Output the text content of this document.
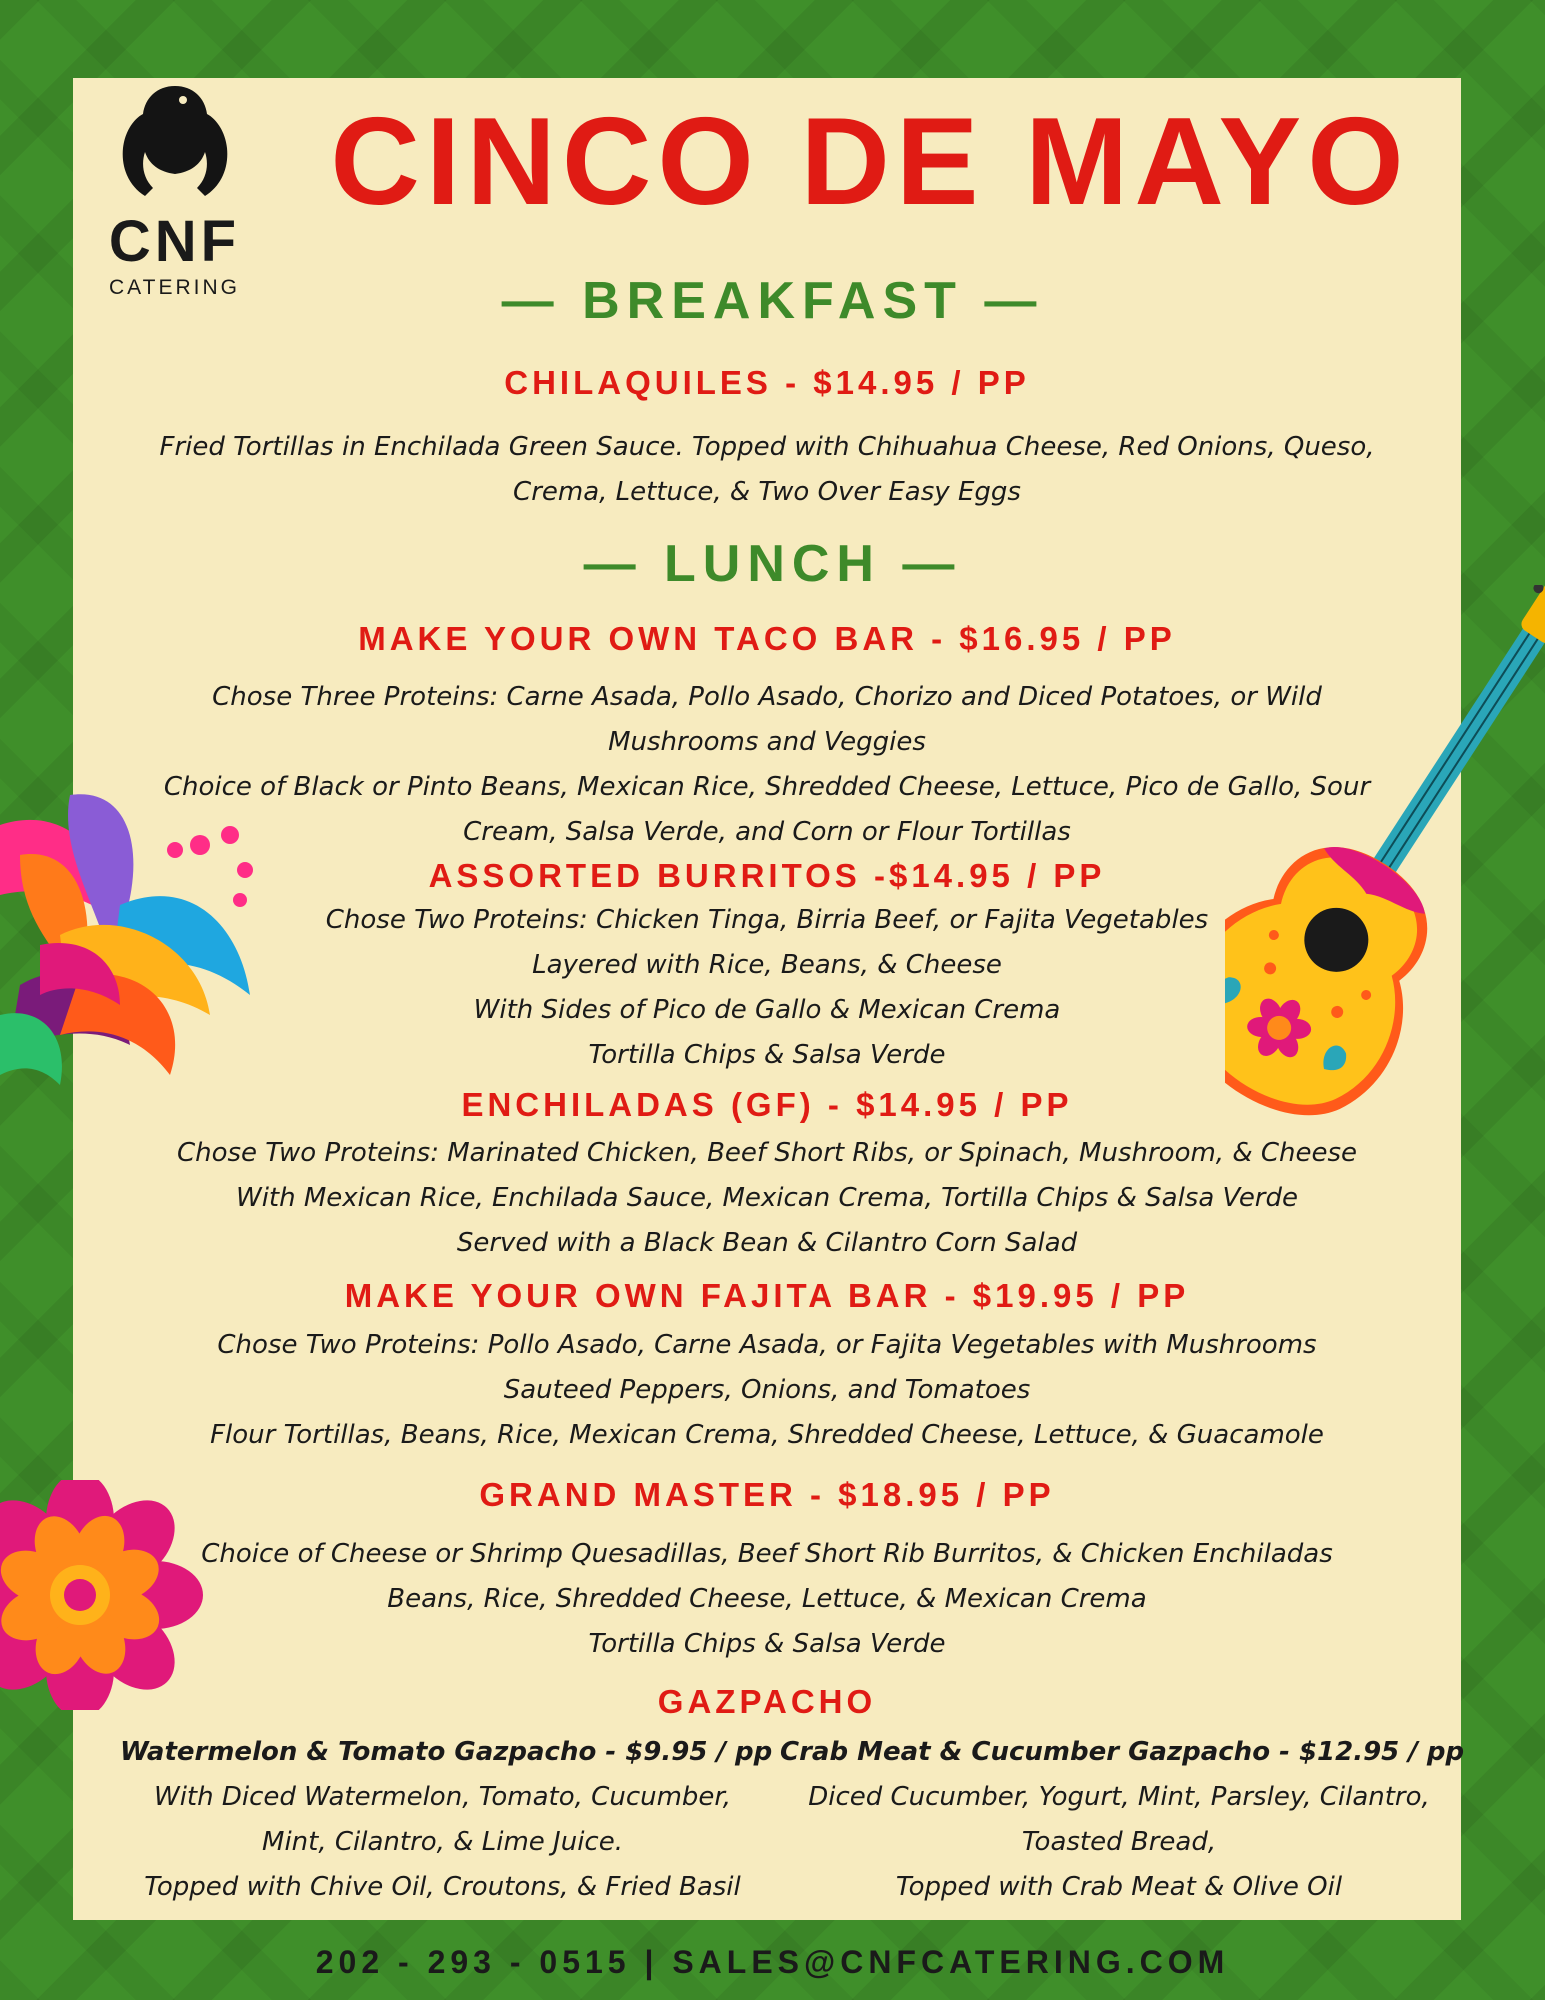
CNF
CATERING
CINCO DE MAYO
— BREAKFAST —
CHILAQUILES - $14.95 / PP
Fried Tortillas in Enchilada Green Sauce. Topped with Chihuahua Cheese, Red Onions, Queso,
Crema, Lettuce, & Two Over Easy Eggs
— LUNCH —
MAKE YOUR OWN TACO BAR - $16.95 / PP
Chose Three Proteins: Carne Asada, Pollo Asado, Chorizo and Diced Potatoes, or Wild
Mushrooms and Veggies
Choice of Black or Pinto Beans, Mexican Rice, Shredded Cheese, Lettuce, Pico de Gallo, Sour
Cream, Salsa Verde, and Corn or Flour Tortillas
ASSORTED BURRITOS -$14.95 / PP
Chose Two Proteins: Chicken Tinga, Birria Beef, or Fajita Vegetables
Layered with Rice, Beans, & Cheese
With Sides of Pico de Gallo & Mexican Crema
Tortilla Chips & Salsa Verde
ENCHILADAS (GF) - $14.95 / PP
Chose Two Proteins: Marinated Chicken, Beef Short Ribs, or Spinach, Mushroom, & Cheese
With Mexican Rice, Enchilada Sauce, Mexican Crema, Tortilla Chips & Salsa Verde
Served with a Black Bean & Cilantro Corn Salad
MAKE YOUR OWN FAJITA BAR - $19.95 / PP
Chose Two Proteins: Pollo Asado, Carne Asada, or Fajita Vegetables with Mushrooms
Sauteed Peppers, Onions, and Tomatoes
Flour Tortillas, Beans, Rice, Mexican Crema, Shredded Cheese, Lettuce, & Guacamole
GRAND MASTER - $18.95 / PP
Choice of Cheese or Shrimp Quesadillas, Beef Short Rib Burritos, & Chicken Enchiladas
Beans, Rice, Shredded Cheese, Lettuce, & Mexican Crema
Tortilla Chips & Salsa Verde
GAZPACHO
Watermelon & Tomato Gazpacho - $9.95 / pp
With Diced Watermelon, Tomato, Cucumber,
Mint, Cilantro, & Lime Juice.
Topped with Chive Oil, Croutons, & Fried Basil
Crab Meat & Cucumber Gazpacho - $12.95 / pp
Diced Cucumber, Yogurt, Mint, Parsley, Cilantro,
Toasted Bread,
Topped with Crab Meat & Olive Oil
202 - 293 - 0515 | SALES@CNFCATERING.COM
